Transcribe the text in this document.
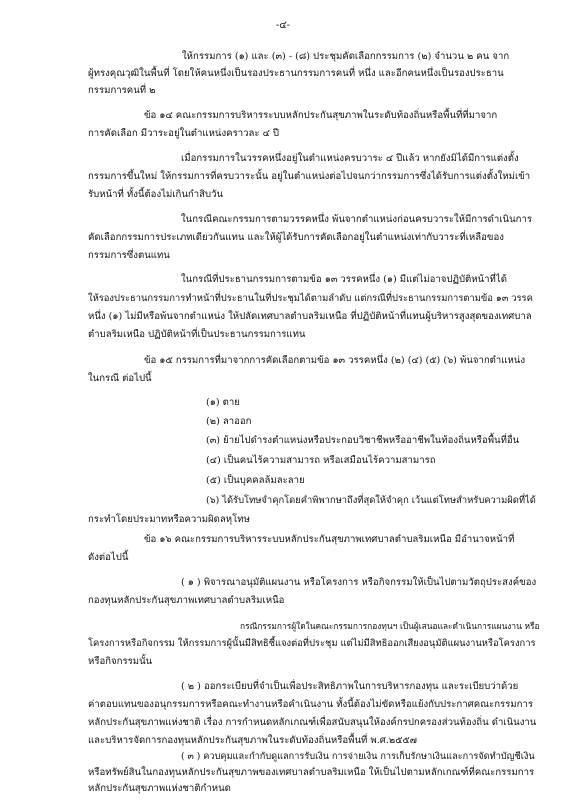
-๔-
ให้กรรมการ (๑) และ (๓) - (๘) ประชุมคัดเลือกกรรมการ (๒) จำนวน ๒ คน จาก
ผู้ทรงคุณวุฒิในพื้นที่ โดยให้คนหนึ่งเป็นรองประธานกรรมการคนที่ หนึ่ง และอีกคนหนึ่งเป็นรองประธาน
กรรมการคนที่ ๒
ข้อ ๑๔ คณะกรรมการบริหารระบบหลักประกันสุขภาพในระดับท้องถิ่นหรือพื้นที่ที่มาจาก
การคัดเลือก มีวาระอยู่ในตำแหน่งคราวละ ๔ ปี
เมื่อกรรมการในวรรคหนึ่งอยู่ในตำแหน่งครบวาระ ๔ ปีแล้ว หากยังมิได้มีการแต่งตั้ง
กรรมการขึ้นใหม่ ให้กรรมการที่ครบวาระนั้น อยู่ในตำแหน่งต่อไปจนกว่ากรรมการซึ่งได้รับการแต่งตั้งใหม่เข้า
รับหน้าที่ ทั้งนี้ต้องไม่เกินกำสิบวัน
ในกรณีคณะกรรมการตามวรรคหนึ่ง พ้นจากตำแหน่งก่อนครบวาระให้มีการดำเนินการ
คัดเลือกกรรมการประเภทเดียวกันแทน และให้ผู้ได้รับการคัดเลือกอยู่ในตำแหน่งเท่ากับวาระที่เหลือของ
กรรมการซึ่งตนแทน
ในกรณีที่ประธานกรรมการตามข้อ ๑๓ วรรคหนึ่ง (๑) มีแต่ไม่อาจปฏิบัติหน้าที่ได้
ให้รองประธานกรรมการทำหน้าที่ประธานในที่ประชุมได้ตามลำดับ แต่กรณีที่ประธานกรรมการตามข้อ ๑๓ วรรค
หนึ่ง (๑) ไม่มีหรือพ้นจากตำแหน่ง ให้ปลัดเทศบาลตำบลริมเหนือ ที่ปฏิบัติหน้าที่แทนผู้บริหารสูงสุดของเทศบาล
ตำบลริมเหนือ ปฏิบัติหน้าที่เป็นประธานกรรมการแทน
ข้อ ๑๕ กรรมการที่มาจากการคัดเลือกตามข้อ ๑๓ วรรคหนึ่ง (๒) (๔) (๕) (๖) พ้นจากตำแหน่ง
ในกรณี ต่อไปนี้
(๑) ตาย
(๒) ลาออก
(๓) ย้ายไปดำรงตำแหน่งหรือประกอบวิชาชีพหรืออาชีพในท้องถิ่นหรือพื้นที่อื่น
(๔) เป็นคนไร้ความสามารถ หรือเสมือนไร้ความสามารถ
(๕) เป็นบุคคลล้มละลาย
(๖) ได้รับโทษจำคุกโดยคำพิพากษาถึงที่สุดให้จำคุก เว้นแต่โทษสำหรับความผิดที่ได้
กระทำโดยประมาทหรือความผิดลหุโทษ
ข้อ ๑๖ คณะกรรมการบริหารระบบหลักประกันสุขภาพเทศบาลตำบลริมเหนือ มีอำนาจหน้าที่
ดังต่อไปนี้
( ๑ ) พิจารณาอนุมัติแผนงาน หรือโครงการ หรือกิจกรรมให้เป็นไปตามวัตถุประสงค์ของ
กองทุนหลักประกันสุขภาพเทศบาลตำบลริมเหนือ
กรณีกรรมการผู้ใดในคณะกรรมการกองทุนฯ เป็นผู้เสนอและดำเนินการแผนงาน หรือ
โครงการหรือกิจกรรม ให้กรรมการผู้นั้นมีสิทธิชี้แจงต่อที่ประชุม แต่ไม่มีสิทธิออกเสียงอนุมัติแผนงานหรือโครงการ
หรือกิจกรรมนั้น
( ๒ ) ออกระเบียบที่จำเป็นเพื่อประสิทธิภาพในการบริหารกองทุน และระเบียบว่าด้วย
ค่าตอบแทนของอนุกรรมการหรือคณะทำงานหรือคำเนินงาน ทั้งนี้ต้องไม่ขัดหรือแย้งกับประกาศคณะกรรมการ
หลักประกันสุขภาพแห่งชาติ เรื่อง การกำหนดหลักเกณฑ์เพื่อสนับสนุนให้องค์กรปกครองส่วนท้องถิ่น ดำเนินงาน
และบริหารจัดการกองทุนหลักประกันสุขภาพในระดับท้องถิ่นหรือพื้นที่ พ.ศ.๒๕๕๗
( ๓ ) ควบคุมและกำกับดูแลการรับเงิน การจ่ายเงิน การเก็บรักษาเงินและการจัดทำบัญชีเงิน
หรือทรัพย์สินในกองทุนหลักประกันสุขภาพของเทศบาลตำบลริมเหนือ ให้เป็นไปตามหลักเกณฑ์ที่คณะกรรมการ
หลักประกันสุขภาพแห่งชาติกำหนด
